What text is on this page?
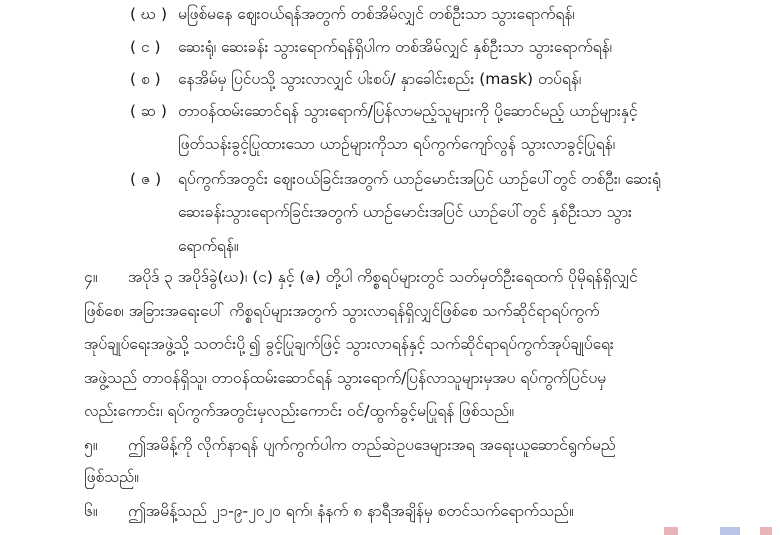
( ဃ ) မဖြစ်မနေ ဈေးဝယ်ရန်အတွက် တစ်အိမ်လျှင် တစ်ဦးသာ သွားရောက်ရန်၊
( င ) ဆေးရုံ၊ ဆေးခန်း သွားရောက်ရန်ရှိပါက တစ်အိမ်လျှင် နှစ်ဦးသာ သွားရောက်ရန်၊
( စ ) နေအိမ်မှ ပြင်ပသို့ သွားလာလျှင် ပါးစပ်/ နှာခေါင်းစည်း (mask) တပ်ရန်၊
( ဆ ) တာဝန်ထမ်းဆောင်ရန် သွားရောက်/ပြန်လာမည့်သူများကို ပို့ဆောင်မည့် ယာဉ်များနှင့်
ဖြတ်သန်းခွင့်ပြုထားသော ယာဉ်များကိုသာ ရပ်ကွက်ကျော်လွန် သွားလာခွင့်ပြုရန်၊
( ဇ ) ရပ်ကွက်အတွင်း ဈေးဝယ်ခြင်းအတွက် ယာဉ်မောင်းအပြင် ယာဉ်ပေါ်တွင် တစ်ဦး၊ ဆေးရုံ
ဆေးခန်းသွားရောက်ခြင်းအတွက် ယာဉ်မောင်းအပြင် ယာဉ်ပေါ်တွင် နှစ်ဦးသာ သွား
ရောက်ရန်။
၄။ အပိုဒ် ၃ အပိုဒ်ခွဲ(ဃ)၊ (င) နှင့် (ဇ) တို့ပါ ကိစ္စရပ်များတွင် သတ်မှတ်ဦးရေထက် ပိုမိုရန်ရှိလျှင်
ဖြစ်စေ၊ အခြားအရေးပေါ် ကိစ္စရပ်များအတွက် သွားလာရန်ရှိလျှင်ဖြစ်စေ သက်ဆိုင်ရာရပ်ကွက်
အုပ်ချုပ်ရေးအဖွဲ့သို့ သတင်းပို့၍ ခွင့်ပြုချက်ဖြင့် သွားလာရန်နှင့် သက်ဆိုင်ရာရပ်ကွက်အုပ်ချုပ်ရေး
အဖွဲ့သည် တာဝန်ရှိသူ၊ တာဝန်ထမ်းဆောင်ရန် သွားရောက်/ပြန်လာသူများမှအပ ရပ်ကွက်ပြင်ပမှ
လည်းကောင်း၊ ရပ်ကွက်အတွင်းမှလည်းကောင်း ဝင်/ထွက်ခွင့်မပြုရန် ဖြစ်သည်။
၅။ ဤအမိန့်ကို လိုက်နာရန် ပျက်ကွက်ပါက တည်ဆဲဥပဒေများအရ အရေးယူဆောင်ရွက်မည်
ဖြစ်သည်။
၆။ ဤအမိန့်သည် ၂၁-၉-၂၀၂၀ ရက်၊ နံနက် ၈ နာရီအချိန်မှ စတင်သက်ရောက်သည်။
